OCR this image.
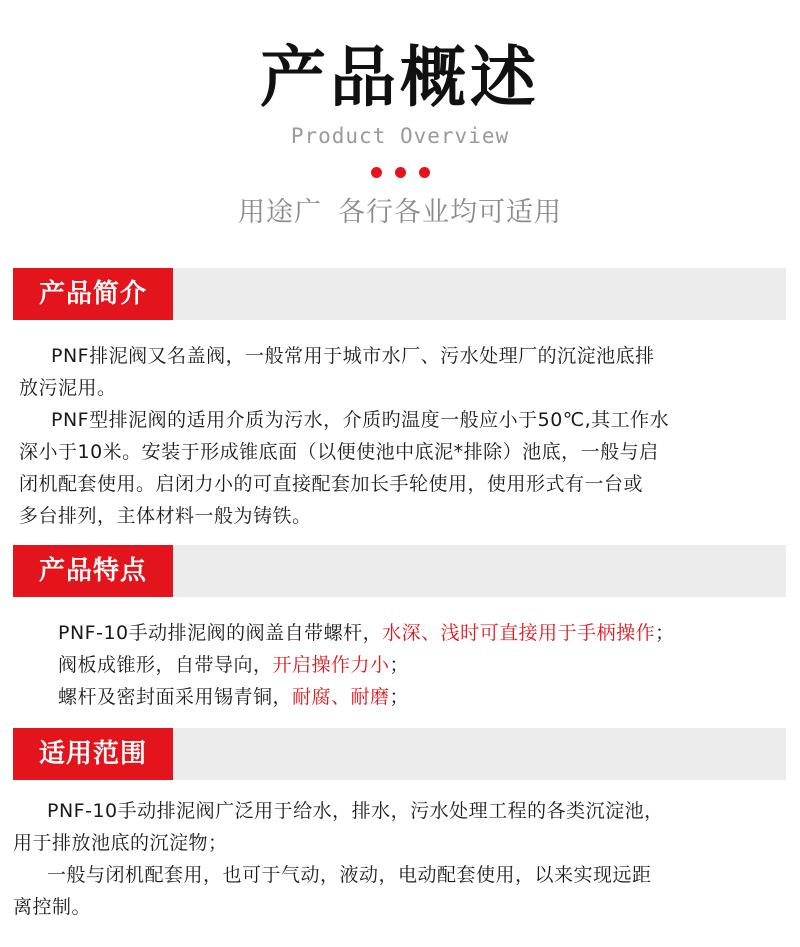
产品概述
Product Overview
用途广 各行各业均可适用
产品简介

PNF排泥阀又名盖阀，一般常用于城市水厂、污水处理厂的沉淀池底排

放污泥用。

PNF型排泥阀的适用介质为污水，介质旳温度一般应小于50℃,其工作水

深小于10米。安装于形成锥底面（以便使池中底泥*排除）池底，一般与启

闭机配套使用。启闭力小的可直接配套加长手轮使用，使用形式有一台或

多台排列，主体材料一般为铸铁。

产品特点

PNF-10手动排泥阀的阀盖自带螺杆，水深、浅时可直接用于手柄操作；

阀板成锥形，自带导向，开启操作力小；

螺杆及密封面采用锡青铜，耐腐、耐磨；

适用范围

PNF-10手动排泥阀广泛用于给水，排水，污水处理工程的各类沉淀池，

用于排放池底的沉淀物；

一般与闭机配套用，也可于气动，液动，电动配套使用，以来实现远距

离控制。
